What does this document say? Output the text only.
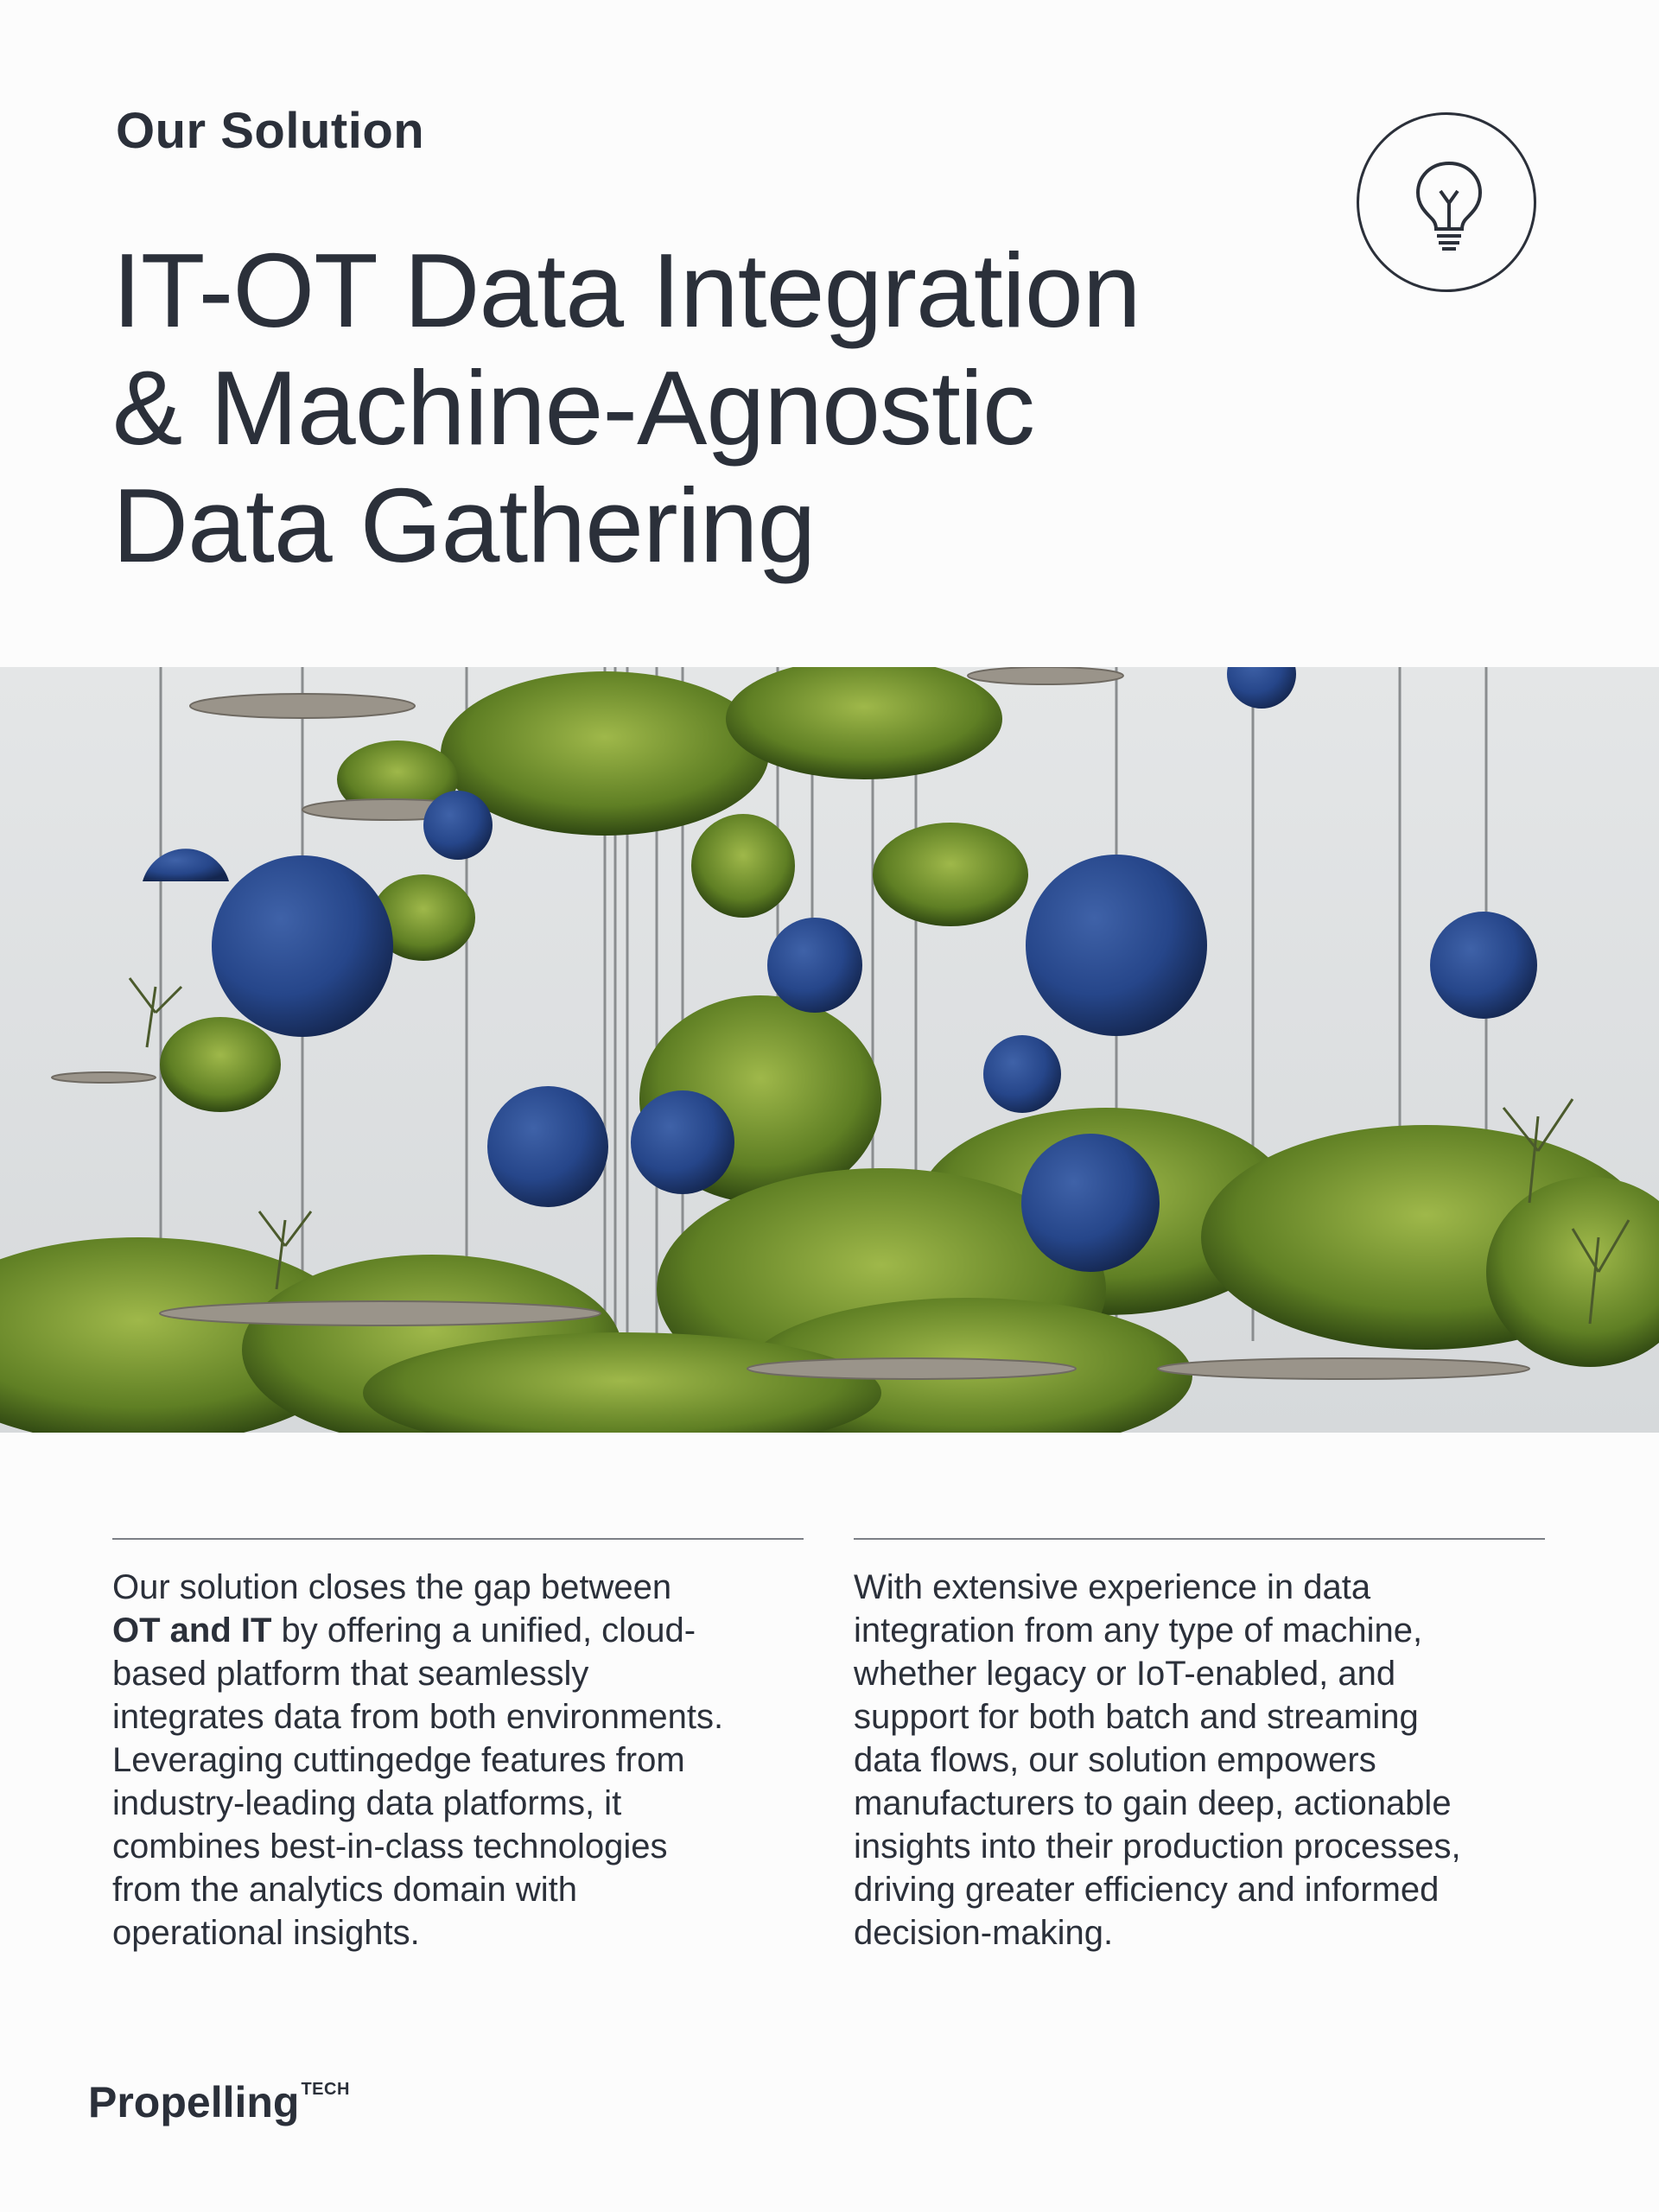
Our Solution
IT-OT Data Integration
& Machine-Agnostic
Data Gathering
Our solution closes the gap between
OT and IT by offering a unified, cloud-
based platform that seamlessly
integrates data from both environments.
Leveraging cuttingedge features from
industry-leading data platforms, it
combines best-in-class technologies
from the analytics domain with
operational insights.
With extensive experience in data
integration from any type of machine,
whether legacy or IoT-enabled, and
support for both batch and streaming
data flows, our solution empowers
manufacturers to gain deep, actionable
insights into their production processes,
driving greater efficiency and informed
decision-making.
Propelling $^{TECH}$
